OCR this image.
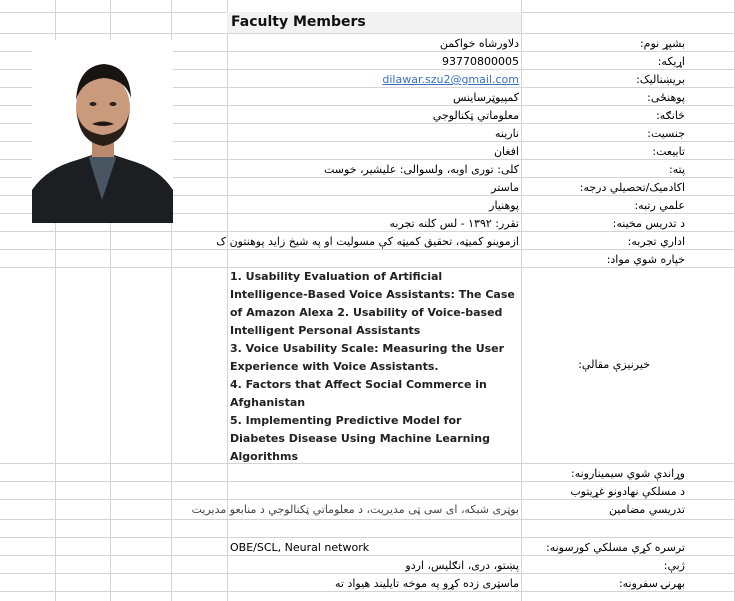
Faculty Members
بشپړ نوم:
اړیکه:
بریښنالیک:
پوهنځی:
څانګه:
جنسیت:
تابیعت:
پته:
اکادمیک/تحصیلي درجه:
علمي رتبه:
د تدریس مخینه:
اداري تجربه:
خپاره شوي مواد:
خیرنیزې مقالې:
وړاندې شوي سیمینارونه:
د مسلکې نهادونو غړیتوب
تدریسي مضامین
ترسره کړي مسلکي کورسونه:
ژبې:
بهرنۍ سفرونه:
دلاورشاه خواکمن
93770800005
dilawar.szu2@gmail.com
کمپیوټرساینس
معلوماتي ټکنالوجي
نارینه
افغان
کلی: توری اوبه، ولسوالی: علیشیر، خوست
ماستر
پوهنیار
تقرر: ۱۳۹۲ - لس کلنه تجربه
ازموینو کمیټه، تحقیق کمیټه کې مسولیت او په شیخ زاید پوهنتون ک
بوټری شبکه، ای سی ټی مدیریت، د معلوماتي ټکنالوجي د منابعو مدیریت
OBE/SCL, Neural network
پښتو، دری، انګلیس، اردو
ماسټری زده کړو په موخه تایلیند هیواد ته
1. Usability Evaluation of Artificial Intelligence-Based Voice Assistants: The Case of Amazon Alexa 2. Usability of Voice-based Intelligent Personal Assistants
3. Voice Usability Scale: Measuring the User Experience with Voice Assistants.
4. Factors that Affect Social Commerce in Afghanistan
5. Implementing Predictive Model for Diabetes Disease Using Machine Learning Algorithms
